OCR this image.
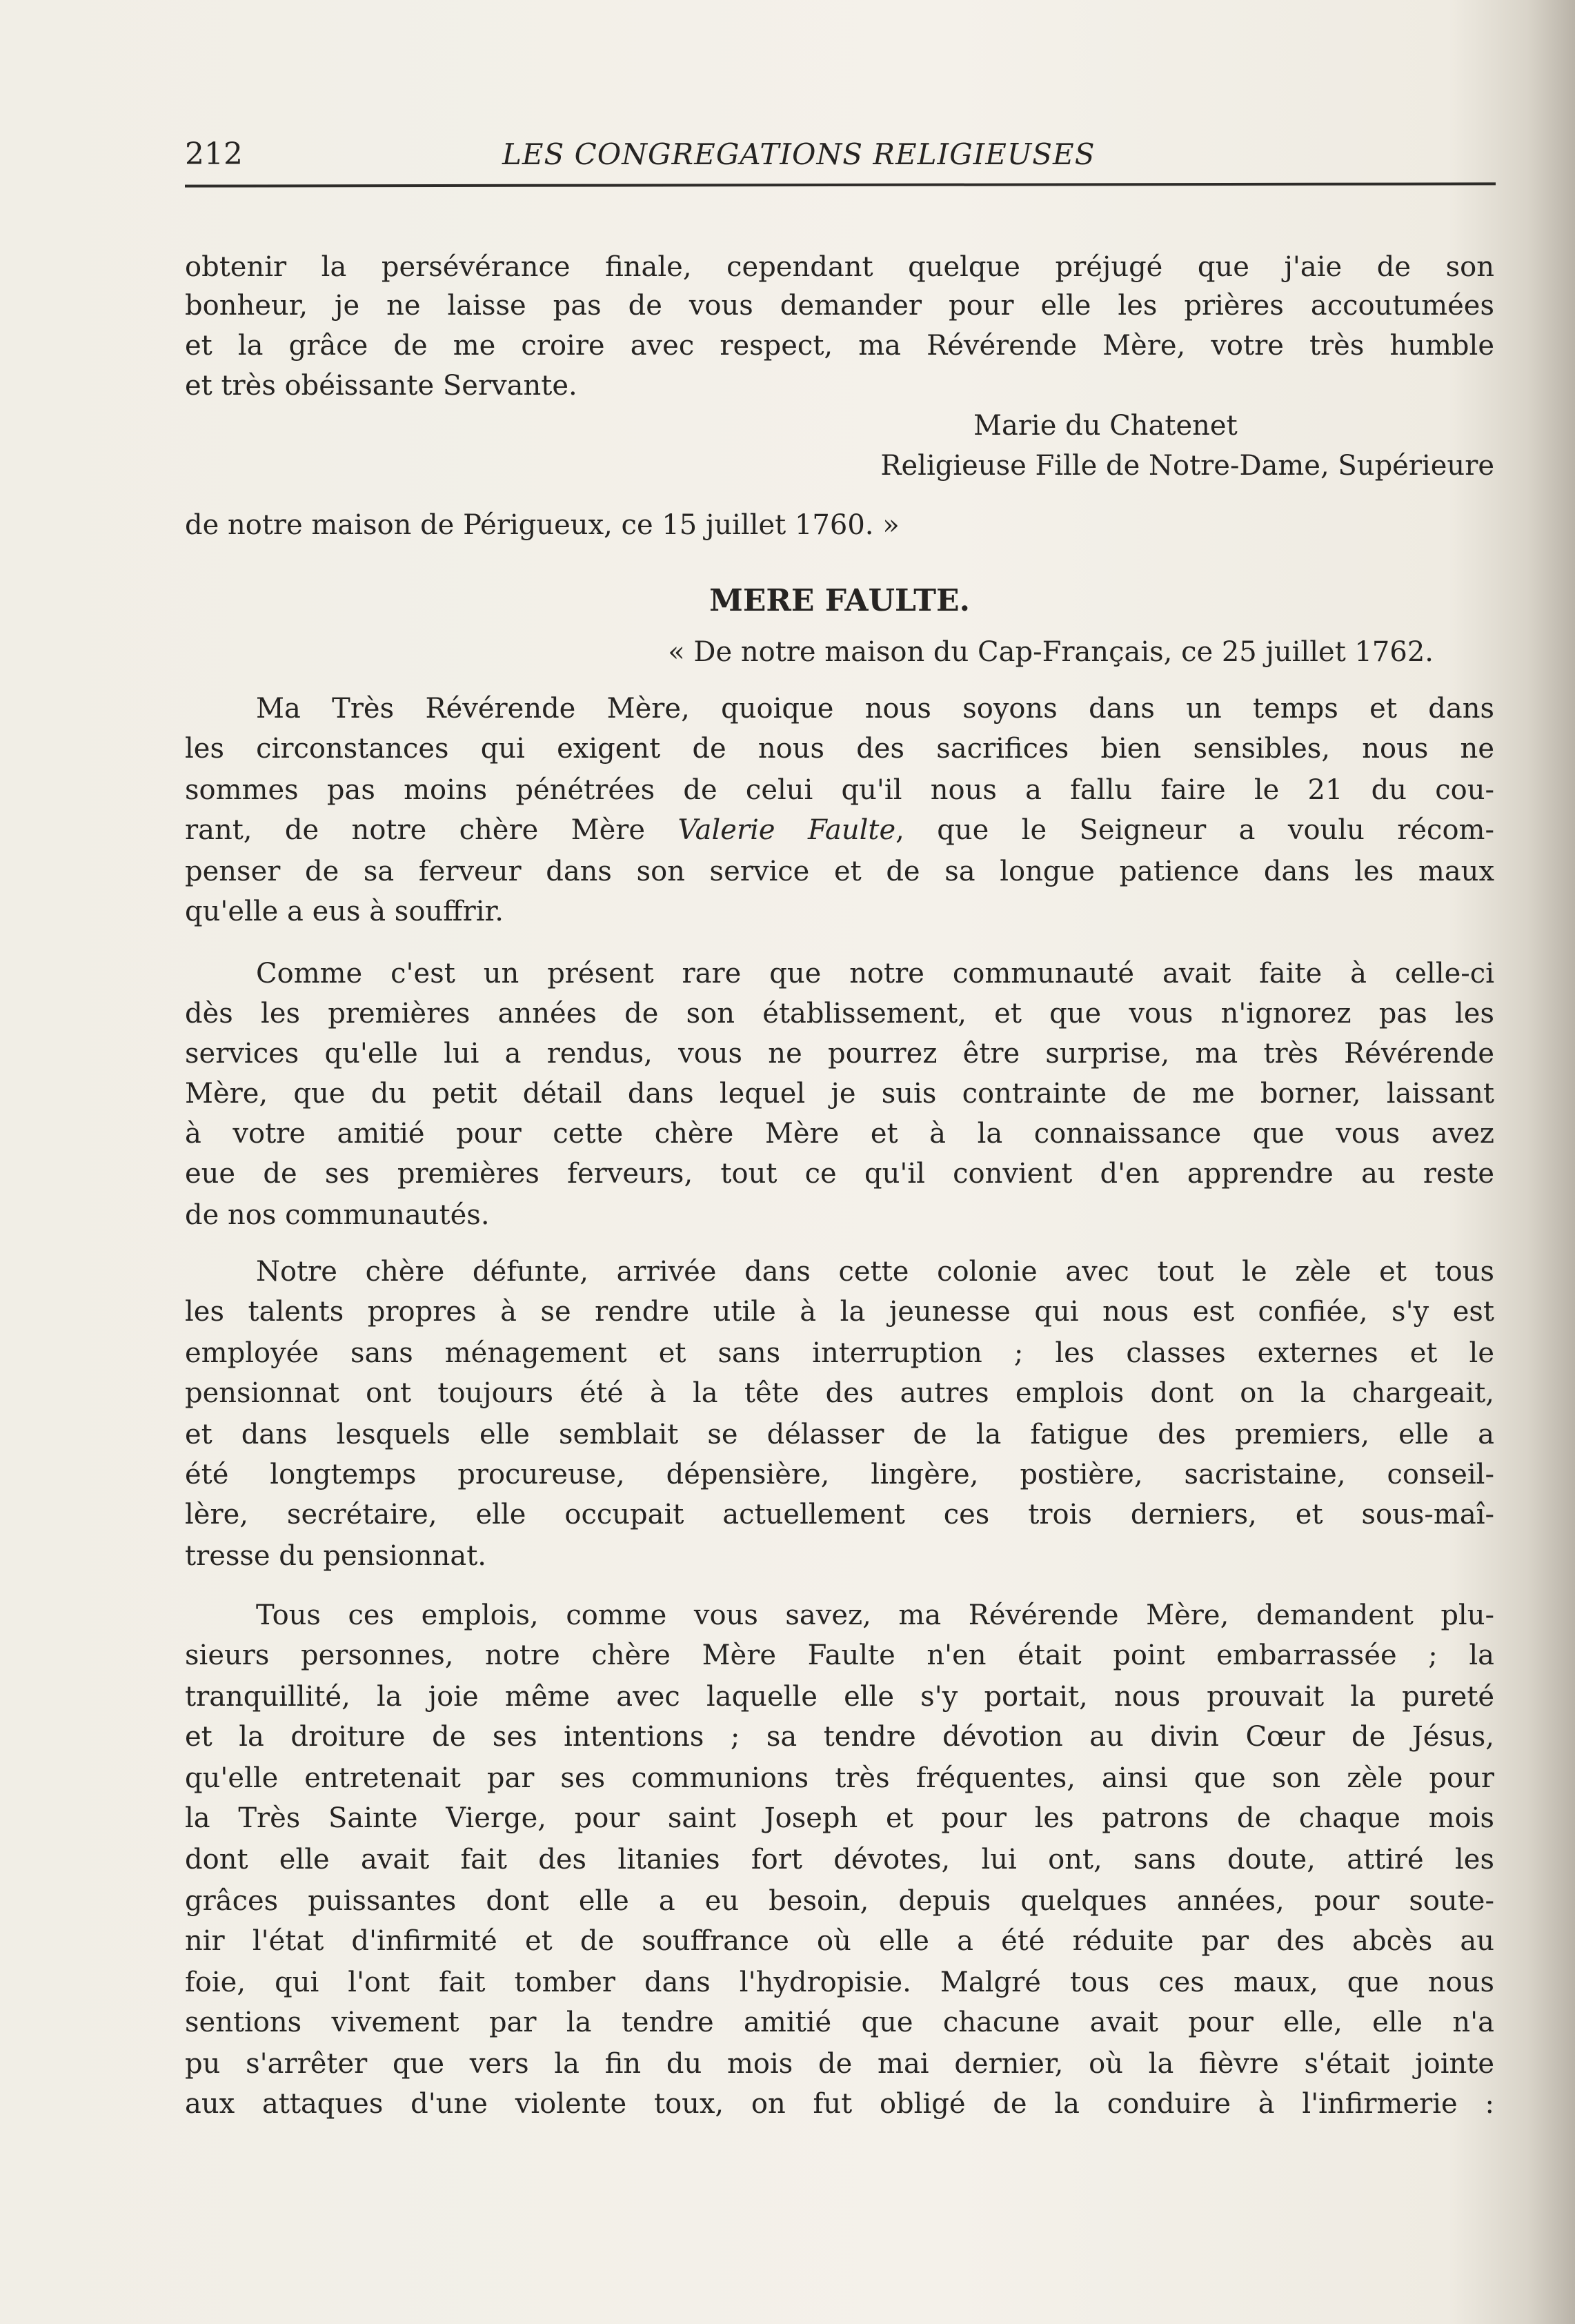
212	LES CONGREGATIONS RELIGIEUSES
MERE FAULTE.
obtenir la persévérance finale, cependant quelque préjugé que j'aie de son
bonheur, je ne laisse pas de vous demander pour elle les prières accoutumées
et la grâce de me croire avec respect, ma Révérende Mère, votre très humble
et très obéissante Servante.
Marie du Chatenet
Religieuse Fille de Notre-Dame, Supérieure
de notre maison de Périgueux, ce 15 juillet 1760. »
« De notre maison du Cap-Français, ce 25 juillet 1762.
Ma Très Révérende Mère, quoique nous soyons dans un temps et dans
les circonstances qui exigent de nous des sacrifices bien sensibles, nous ne
sommes pas moins pénétrées de celui qu'il nous a fallu faire le 21 du cou-
rant, de notre chère Mère Valerie Faulte, que le Seigneur a voulu récom-
penser de sa ferveur dans son service et de sa longue patience dans les maux
qu'elle a eus à souffrir.
Comme c'est un présent rare que notre communauté avait faite à celle-ci
dès les premières années de son établissement, et que vous n'ignorez pas les
services qu'elle lui a rendus, vous ne pourrez être surprise, ma très Révérende
Mère, que du petit détail dans lequel je suis contrainte de me borner, laissant
à votre amitié pour cette chère Mère et à la connaissance que vous avez
eue de ses premières ferveurs, tout ce qu'il convient d'en apprendre au reste
de nos communautés.
Notre chère défunte, arrivée dans cette colonie avec tout le zèle et tous
les talents propres à se rendre utile à la jeunesse qui nous est confiée, s'y est
employée sans ménagement et sans interruption ; les classes externes et le
pensionnat ont toujours été à la tête des autres emplois dont on la chargeait,
et dans lesquels elle semblait se délasser de la fatigue des premiers, elle a
été longtemps procureuse, dépensière, lingère, postière, sacristaine, conseil-
lère, secrétaire, elle occupait actuellement ces trois derniers, et sous-maî-
tresse du pensionnat.
Tous ces emplois, comme vous savez, ma Révérende Mère, demandent plu-
sieurs personnes, notre chère Mère Faulte n'en était point embarrassée ; la
tranquillité, la joie même avec laquelle elle s'y portait, nous prouvait la pureté
et la droiture de ses intentions ; sa tendre dévotion au divin Cœur de Jésus,
qu'elle entretenait par ses communions très fréquentes, ainsi que son zèle pour
la Très Sainte Vierge, pour saint Joseph et pour les patrons de chaque mois
dont elle avait fait des litanies fort dévotes, lui ont, sans doute, attiré les
grâces puissantes dont elle a eu besoin, depuis quelques années, pour soute-
nir l'état d'infirmité et de souffrance où elle a été réduite par des abcès au
foie, qui l'ont fait tomber dans l'hydropisie. Malgré tous ces maux, que nous
sentions vivement par la tendre amitié que chacune avait pour elle, elle n'a
pu s'arrêter que vers la fin du mois de mai dernier, où la fièvre s'était jointe
aux attaques d'une violente toux, on fut obligé de la conduire à l'infirmerie :
